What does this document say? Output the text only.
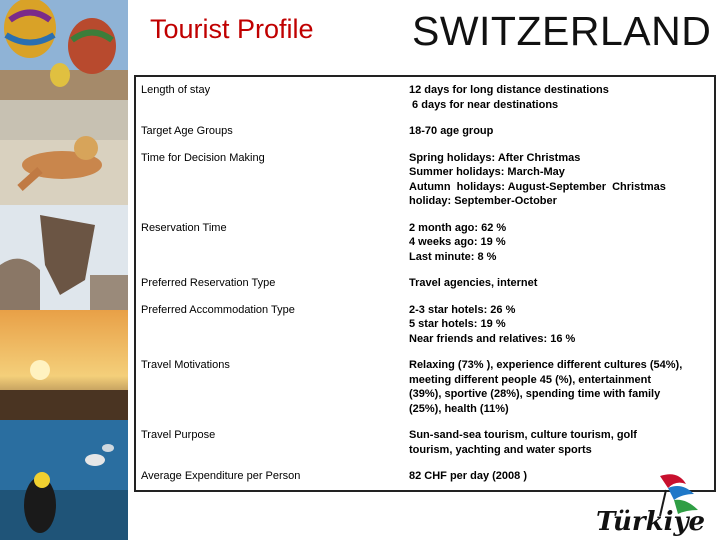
Tourist Profile SWITZERLAND
Length of stay	12 days for long distance destinations
6 days for near destinations

Target Age Groups	18-70 age group

Time for Decision Making	Spring holidays: After Christmas
Summer holidays: March-May
Autumn  holidays: August-September  Christmas
holiday: September-October

Reservation Time	2 month ago: 62 %
4 weeks ago: 19 %
Last minute: 8 %

Preferred Reservation Type	Travel agencies, internet

Preferred Accommodation Type	2-3 star hotels: 26 %
5 star hotels: 19 %
Near friends and relatives: 16 %

Travel Motivations	Relaxing (73% ), experience different cultures (54%),
meeting different people 45 (%), entertainment
(39%), sportive (28%), spending time with family
(25%), health (11%)

Travel Purpose	Sun-sand-sea tourism, culture tourism, golf
tourism, yachting and water sports

Average Expenditure per Person	82 CHF per day (2008 )
Türkiye
